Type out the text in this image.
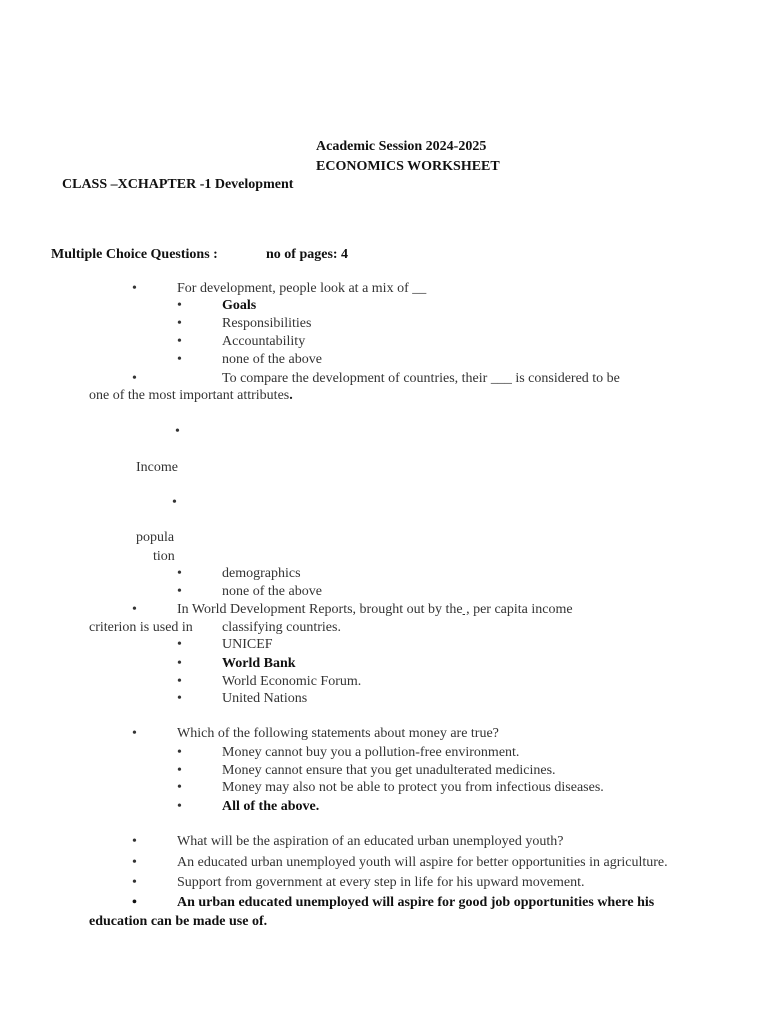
Academic Session 2024-2025
ECONOMICS WORKSHEET
CLASS –XCHAPTER -1 Development
Multiple Choice Questions :	no of pages: 4
•	For development, people look at a mix of __
•	Goals
•	Responsibilities
•	Accountability
•	none of the above
•	To compare the development of countries, their ___ is considered to be
one of the most important attributes.
•
Income
•
popula
tion
•	demographics
•	none of the above
•	In World Development Reports, brought out by the , per capita income
criterion is used in classifying countries.
•	UNICEF
•	World Bank
•	World Economic Forum.
•	United Nations
•	Which of the following statements about money are true?
•	Money cannot buy you a pollution-free environment.
•	Money cannot ensure that you get unadulterated medicines.
•	Money may also not be able to protect you from infectious diseases.
•	All of the above.
•	What will be the aspiration of an educated urban unemployed youth?
•	An educated urban unemployed youth will aspire for better opportunities in agriculture.
•	Support from government at every step in life for his upward movement.
•	An urban educated unemployed will aspire for good job opportunities where his
education can be made use of.
